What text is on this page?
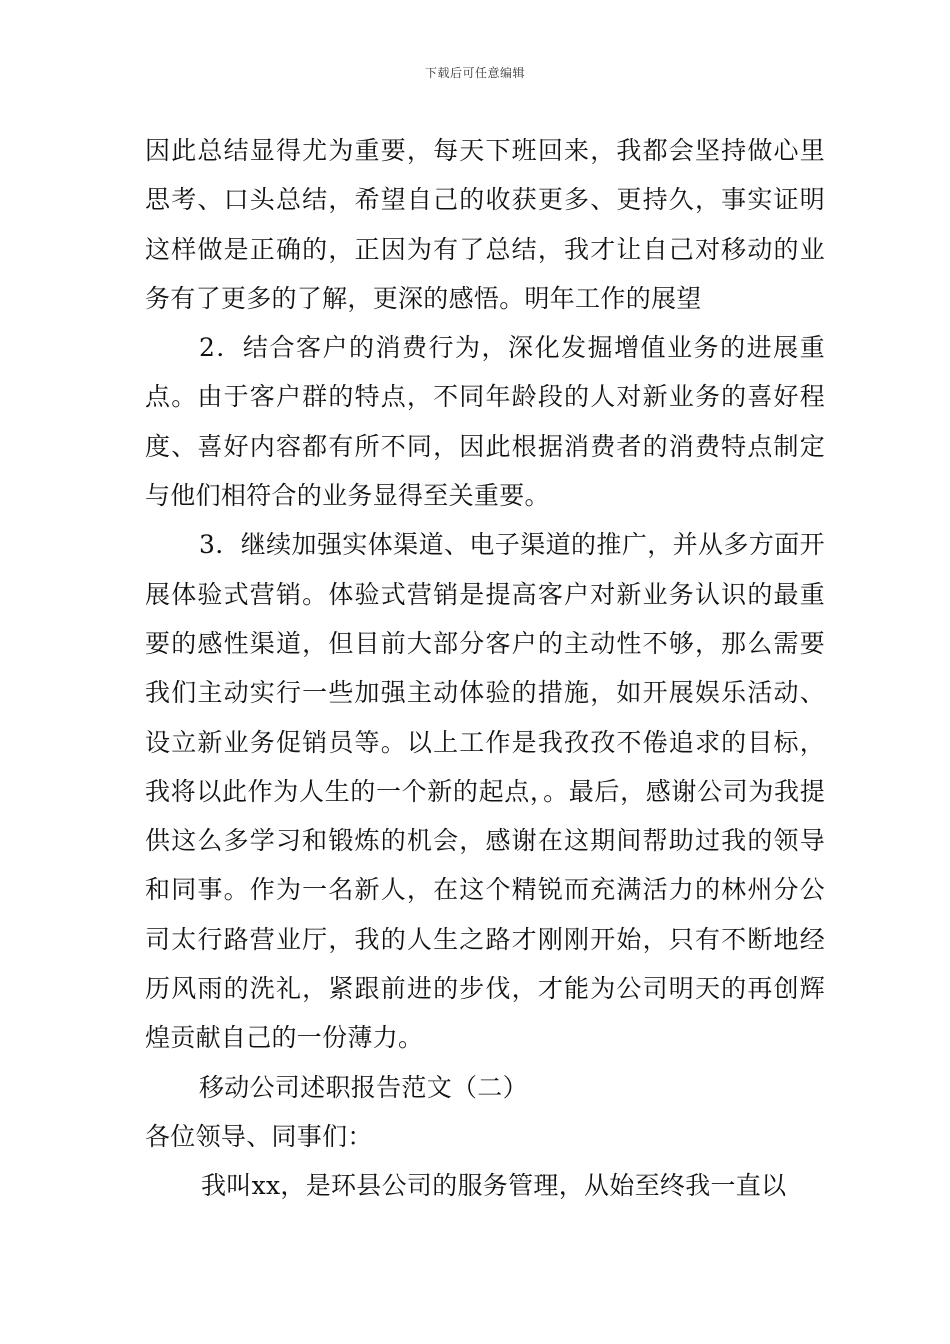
下载后可任意编辑

因此总结显得尤为重要，每天下班回来，我都会坚持做心里思考、口头总结，希望自己的收获更多、更持久，事实证明这样做是正确的，正因为有了总结，我才让自己对移动的业务有了更多的了解，更深的感悟。明年工作的展望

2．结合客户的消费行为，深化发掘增值业务的进展重点。由于客户群的特点，不同年龄段的人对新业务的喜好程度、喜好内容都有所不同，因此根据消费者的消费特点制定与他们相符合的业务显得至关重要。

3．继续加强实体渠道、电子渠道的推广，并从多方面开展体验式营销。体验式营销是提高客户对新业务认识的最重要的感性渠道，但目前大部分客户的主动性不够，那么需要我们主动实行一些加强主动体验的措施，如开展娱乐活动、设立新业务促销员等。以上工作是我孜孜不倦追求的目标，我将以此作为人生的一个新的起点，。最后，感谢公司为我提供这么多学习和锻炼的机会，感谢在这期间帮助过我的领导和同事。作为一名新人，在这个精锐而充满活力的林州分公司太行路营业厅，我的人生之路才刚刚开始，只有不断地经历风雨的洗礼，紧跟前进的步伐，才能为公司明天的再创辉煌贡献自己的一份薄力。

移动公司述职报告范文（二）

各位领导、同事们：

我叫xx，是环县公司的服务管理，从始至终我一直以
